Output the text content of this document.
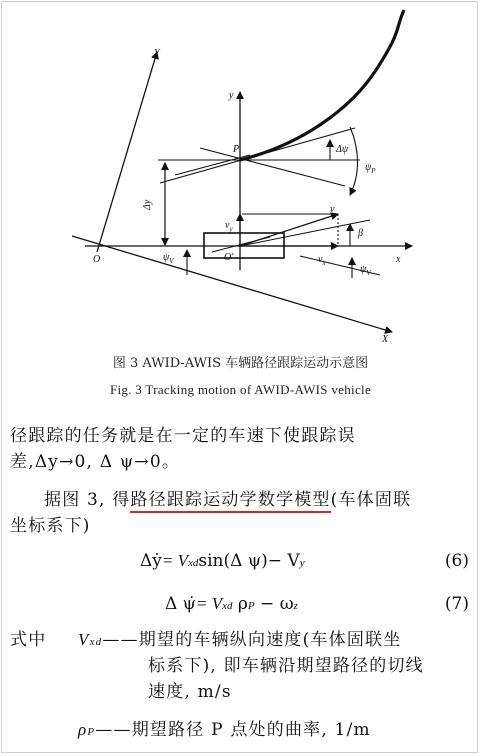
Y
y
x
X
O	O'
P
Δy
Δψ
$\psi_P$
$\psi_V$
$\psi_V$
v
$v_y$
$v_x$
β
图 3 AWID-AWIS 车辆路径跟踪运动示意图
Fig. 3 Tracking motion of AWID-AWIS vehicle
径跟踪的任务就是在一定的车速下使跟踪误
差,Δy→0, Δ ψ→0。
据图 3, 得路径跟踪运动学数学模型(车体固联
坐标系下)
Δẏ= Vxdsin(Δ ψ)− Vy	(6)
Δ ψ̇= Vxd ρP − ωz	(7)
式中 Vxd——期望的车辆纵向速度(车体固联坐
标系下), 即车辆沿期望路径的切线
速度, m/s
ρP——期望路径 P 点处的曲率, 1/m
